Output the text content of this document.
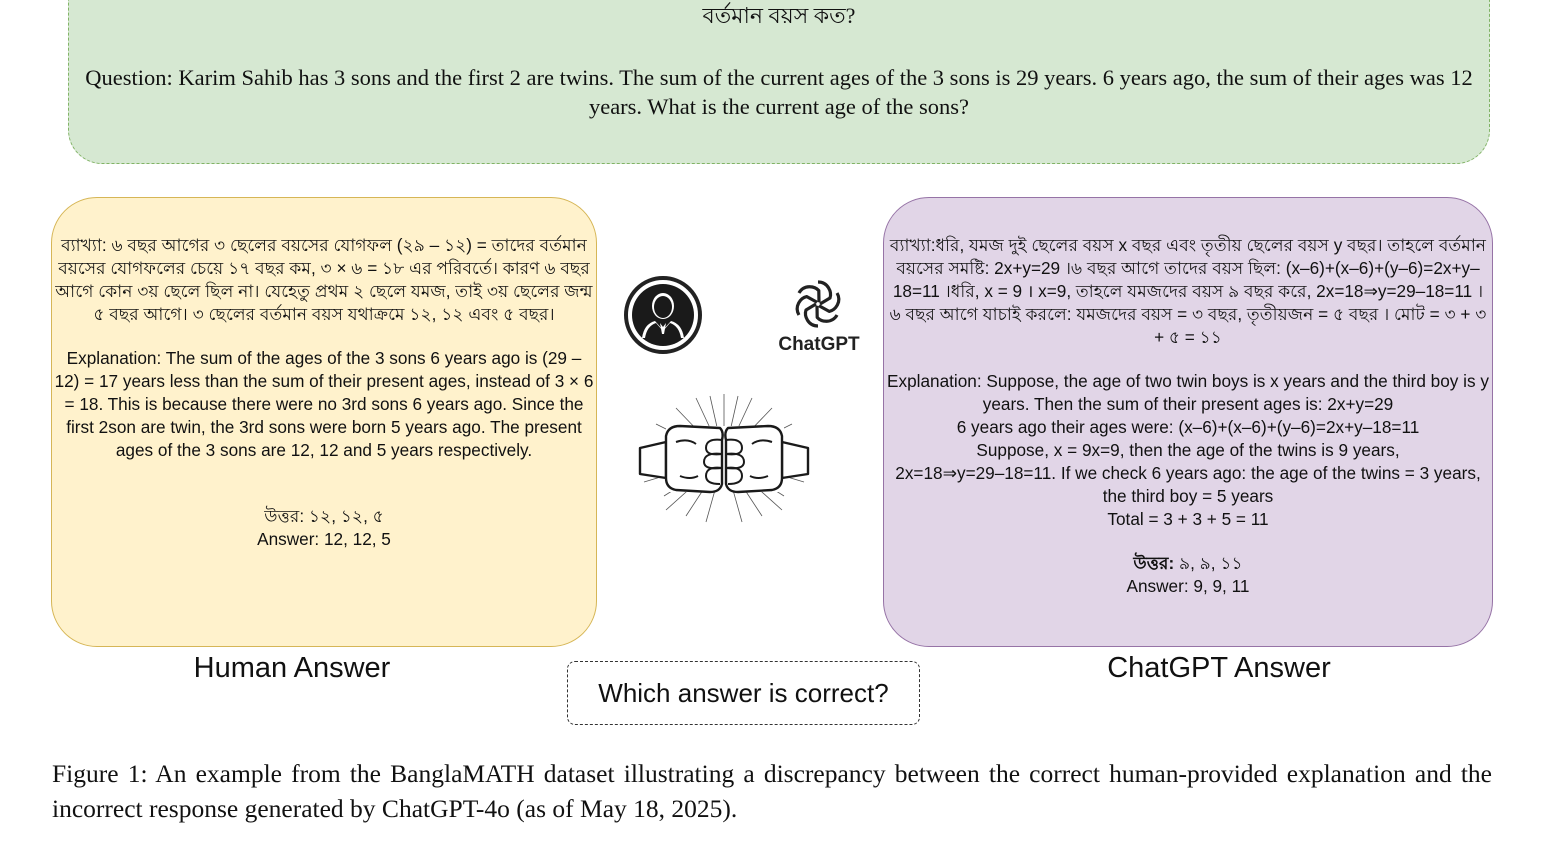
বর্তমান বয়স কত?
Question: Karim Sahib has 3 sons and the first 2 are twins. The sum of the current ages of the 3 sons is 29 years. 6 years ago, the sum of their ages was 12 years. What is the current age of the sons?

ব্যাখ্যা: ৬ বছর আগের ৩ ছেলের বয়সের যোগফল (২৯ – ১২) = তাদের বর্তমান বয়সের যোগফলের চেয়ে ১৭ বছর কম, ৩ × ৬ = ১৮ এর পরিবর্তে। কারণ ৬ বছর আগে কোন ৩য় ছেলে ছিল না। যেহেতু প্রথম ২ ছেলে যমজ, তাই ৩য় ছেলের জন্ম ৫ বছর আগে। ৩ ছেলের বর্তমান বয়স যথাক্রমে ১২, ১২ এবং ৫ বছর।

Explanation: The sum of the ages of the 3 sons 6 years ago is (29 – 12) = 17 years less than the sum of their present ages, instead of 3 × 6 = 18. This is because there were no 3rd sons 6 years ago. Since the first 2son are twin, the 3rd sons were born 5 years ago. The present ages of the 3 sons are 12, 12 and 5 years respectively.

উত্তর: ১২, ১২, ৫

Answer: 12, 12, 5

ব্যাখ্যা:ধরি, যমজ দুই ছেলের বয়স x বছর এবং তৃতীয় ছেলের বয়স y বছর। তাহলে বর্তমান বয়সের সমষ্টি: 2x+y=29 ।৬ বছর আগে তাদের বয়স ছিল: (x–6)+(x–6)+(y–6)=2x+y–18=11 ।ধরি, x = 9 । x=9, তাহলে যমজদের বয়স ৯ বছর করে, 2x=18⇒y=29–18=11 । ৬ বছর আগে যাচাই করলে: যমজদের বয়স = ৩ বছর, তৃতীয়জন = ৫ বছর । মোট = ৩ + ৩ + ৫ = ১১

Explanation: Suppose, the age of two twin boys is x years and the third boy is y years. Then the sum of their present ages is: 2x+y=29

6 years ago their ages were: (x–6)+(x–6)+(y–6)=2x+y–18=11

Suppose, x = 9x=9, then the age of the twins is 9 years,

2x=18⇒y=29–18=11. If we check 6 years ago: the age of the twins = 3 years, the third boy = 5 years

Total = 3 + 3 + 5 = 11

উত্তর: ৯, ৯, ১১

Answer: 9, 9, 11

ChatGPT
Human Answer	ChatGPT Answer
Which answer is correct?
Figure 1: An example from the BanglaMATH dataset illustrating a discrepancy between the correct human-provided explanation and the incorrect response generated by ChatGPT-4o (as of May 18, 2025).
